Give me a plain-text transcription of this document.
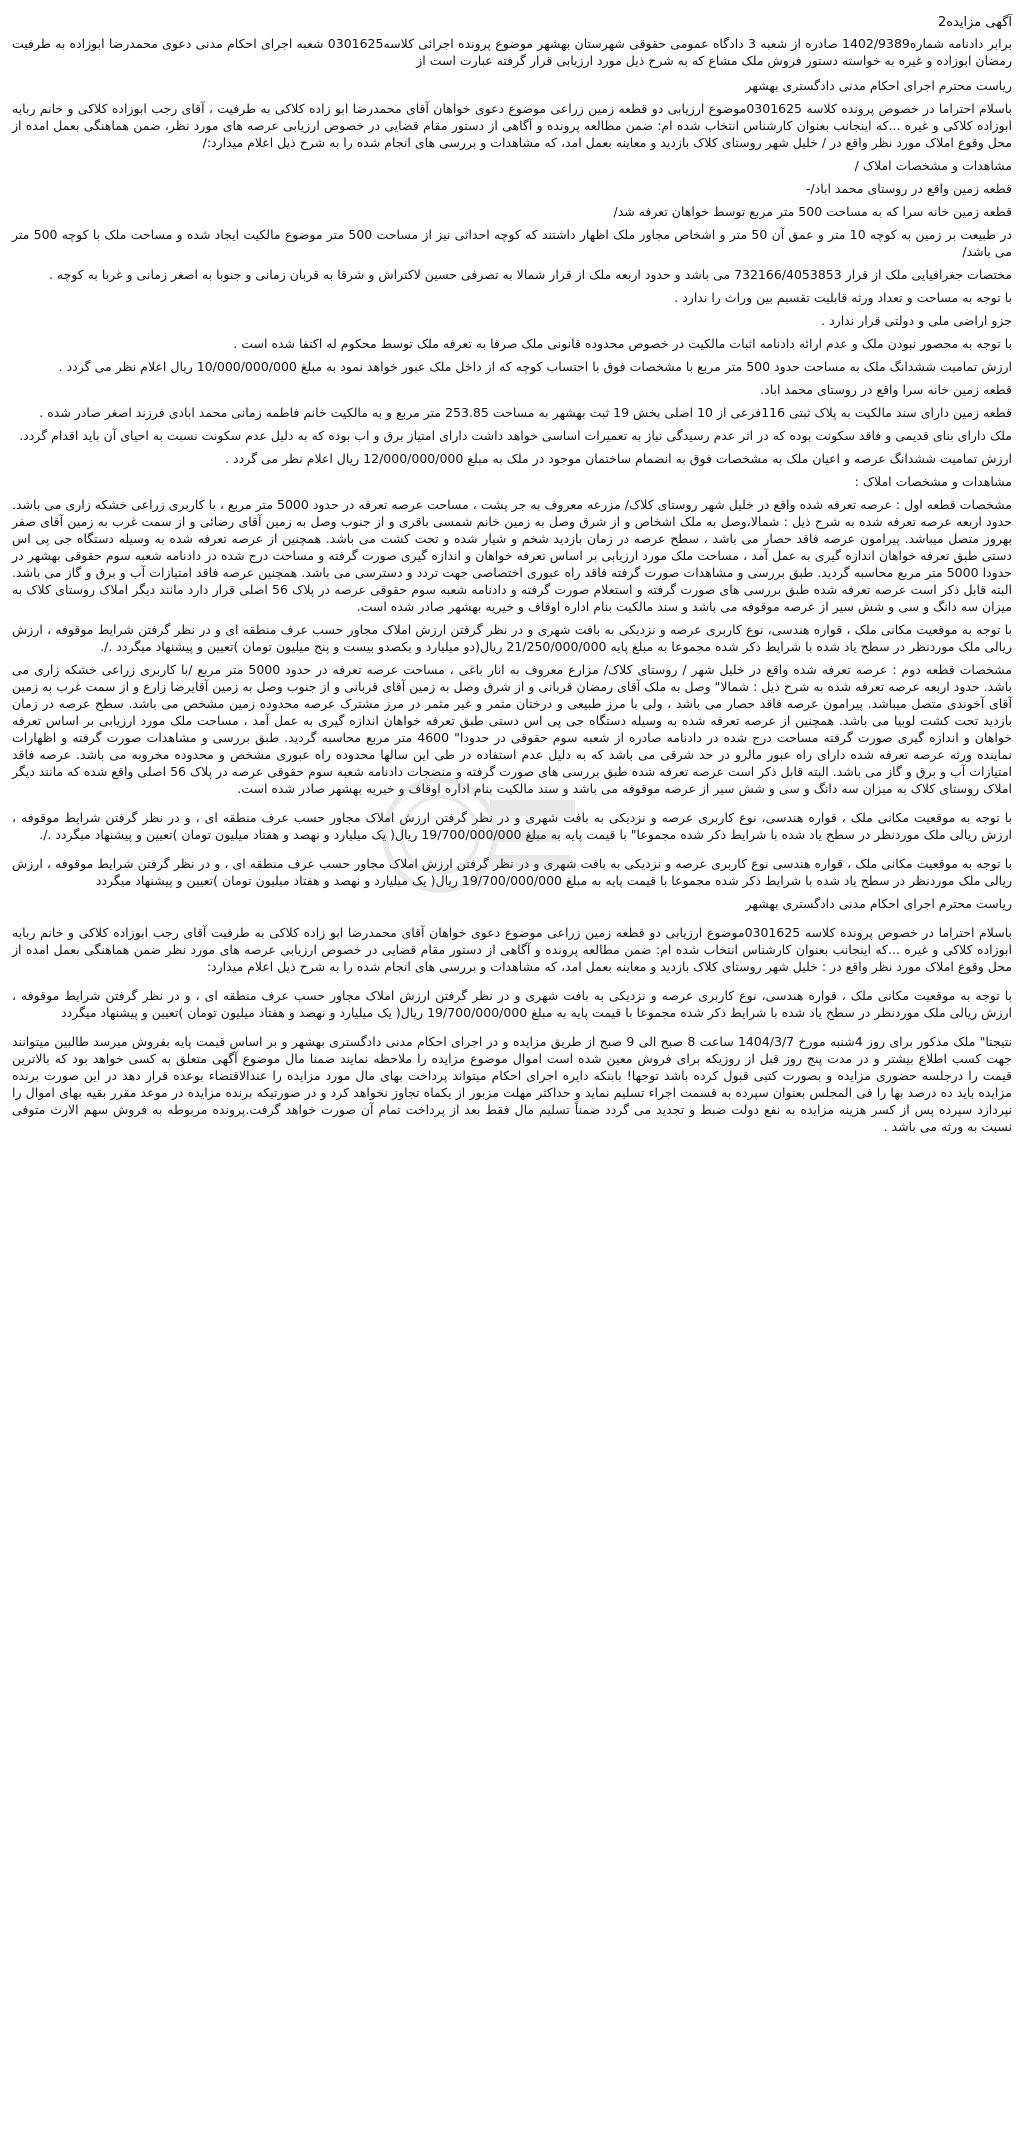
آگهی مزایده2

برابر دادنامه شماره1402/9389 صادره از شعبه 3 دادگاه عمومی حقوقی شهرستان بهشهر موضوع پرونده اجرائی کلاسه0301625 شعبه اجرای احکام مدنی دعوی محمدرضا ابوزاده به طرفیت رمضان ابوزاده و غیره به خواسته دستور فروش ملک مشاع که به شرح ذیل مورد ارزیابی قرار گرفته عبارت است از

ریاست محترم اجرای احکام مدنی دادگستری بهشهر

باسلام احتراما در خصوص پرونده کلاسه 0301625موضوع ارزیابی دو قطعه زمین زراعی موضوع دعوی خواهان آقای محمدرضا ابو زاده کلاکی به طرفیت ، آقای رجب ابوزاده کلاکی و خانم ربابه ابوزاده کلاکی و غیره ...که اینجانب بعنوان کارشناس انتخاب شده ام: ضمن مطالعه پرونده و آگاهی از دستور مقام قضایی در خصوص ارزیابی عرصه های مورد نظر، ضمن هماهنگی بعمل امده از محل وقوع املاک مورد نظر واقع در / خلیل شهر روستای کلاک بازدید و معاینه بعمل امد، که مشاهدات و بررسی های انجام شده را به شرح ذیل اعلام میدارد:/

مشاهدات و مشخصات املاک /

قطعه زمین واقع در روستای محمد اباد/-

قطعه زمین خانه سرا که به مساحت 500 متر مربع توسط خواهان تعرفه شد/

در طبیعت بر زمین به کوچه 10 متر و عمق آن 50 متر و اشخاص مجاور ملک اظهار داشتند که کوچه احداثی نیز از مساحت 500 متر موضوع مالکیت ایجاد شده و مساحت ملک با کوچه 500 متر می باشد/

مختصات جغرافیایی ملک از قرار 732166/4053853 می باشد و حدود اربعه ملک از قرار شمالا به تصرفی حسین لاکتراش و شرقا به قربان زمانی و جنوبا به اصغر زمانی و غربا به کوچه .

با توجه به مساحت و تعداد ورثه قابلیت تقسیم بین وراث را ندارد .

جزو اراضی ملی و دولتی قرار ندارد .

با توجه به محصور نبودن ملک و عدم ارائه دادنامه اثبات مالکیت در خصوص محدوده قانونی ملک صرفا به تعرفه ملک توسط محکوم له اکتفا شده است .

ارزش تمامیت ششدانگ ملک به مساحت حدود 500 متر مربع با مشخصات فوق با احتساب کوچه که از داخل ملک عبور خواهد نمود به مبلغ 10/000/000/000 ریال اعلام نظر می گردد .

قطعه زمین خانه سرا واقع در روستای محمد اباد.

قطعه زمین دارای سند مالکیت به پلاک ثبتی 116فرعی از 10 اصلی بخش 19 ثبت بهشهر به مساحت 253.85 متر مربع و به مالکیت خانم فاطمه زمانی محمد ابادی فرزند اصغر صادر شده .

ملک دارای بنای قدیمی و فاقد سکونت بوده که در اثر عدم رسیدگی نیاز به تعمیرات اساسی خواهد داشت دارای امتیاز برق و اب بوده که به دلیل عدم سکونت نسبت به احیای آن باید اقدام گردد.

ارزش تمامیت ششدانگ عرصه و اعیان ملک به مشخصات فوق به انضمام ساختمان موجود در ملک به مبلغ 12/000/000/000 ریال اعلام نظر می گردد .

مشاهدات و مشخصات املاک :

مشخصات قطعه اول : عرصه تعرفه شده واقع در خلیل شهر روستای کلاک/ مزرعه معروف به جر پشت ، مساحت عرصه تعرفه در حدود 5000 متر مربع ، با کاربری زراعی خشکه زاری می باشد. حدود اربعه عرصه تعرفه شده به شرح ذیل : شمالا،وصل به ملک اشخاص و از شرق وصل به زمین خانم شمسی باقری و از جنوب وصل به زمین آقای رضائی و از سمت غرب به زمین آقای صفر بهروز متصل میباشد. پیرامون عرصه فاقد حصار می باشد ، سطح عرصه در زمان بازدید شخم و شیار شده و تحت کشت می باشد. همچنین از عرصه تعرفه شده به وسیله دستگاه جی پی اس دستی طبق تعرفه خواهان اندازه گیری به عمل آمد ، مساحت ملک مورد ارزیابی بر اساس تعرفه خواهان و اندازه گیری صورت گرفته و مساحت درج شده در دادنامه شعبه سوم حقوقی بهشهر در حدودا 5000 متر مربع محاسبه گردید. طبق بررسی و مشاهدات صورت گرفته فاقد راه عبوری اختصاصی جهت تردد و دسترسی می باشد. همچنین عرصه فاقد امتیازات آب و برق و گاز می باشد. البته قابل ذکر است عرصه تعرفه شده طبق بررسی های صورت گرفته و استعلام صورت گرفته و دادنامه شعبه سوم حقوقی عرصه در پلاک 56 اصلی قرار دارد مانند دیگر املاک روستای کلاک به میزان سه دانگ و سی و شش سیر از عرصه موقوفه می باشد و سند مالکیت بنام اداره اوقاف و خیریه بهشهر صادر شده است.

با توجه به موقعیت مکانی ملک ، قواره هندسی، نوع کاربری عرصه و نزدیکی به بافت شهری و در نظر گرفتن ارزش املاک مجاور حسب عرف منطقه ای و در نظر گرفتن شرایط موقوفه ، ارزش ریالی ملک موردنظر در سطح یاد شده با شرایط ذکر شده مجموعا به مبلغ پایه 21/250/000/000 ریال(دو میلیارد و یکصدو بیست و پنج میلیون تومان )تعیین و پیشنهاد میگردد ./.

مشخصات قطعه دوم : عرصه تعرفه شده واقع در خلیل شهر / روستای کلاک/ مزارع معروف به انار باغی ، مساحت عرصه تعرفه در حدود 5000 متر مربع /با کاربری زراعی خشکه زاری می باشد. حدود اربعه عرصه تعرفه شده به شرح ذیل : شمالا" وصل به ملک آقای رمضان قربانی و از شرق وصل به زمین آقای قربانی و از جنوب وصل به زمین آقایرضا زارع و از سمت غرب به زمین آقای آخوندی متصل میباشد. پیرامون عرصه فاقد حصار می باشد ، ولی با مرز طبیعی و درختان مثمر و غیر مثمر در مرز مشترک عرصه محدوده زمین مشخص می باشد. سطح عرصه در زمان بازدید تحت کشت لوبیا می باشد. همچنین از عرصه تعرفه شده به وسیله دستگاه جی پی اس دستی طبق تعرفه خواهان اندازه گیری به عمل آمد ، مساحت ملک مورد ارزیابی بر اساس تعرفه خواهان و اندازه گیری صورت گرفته مساحت درج شده در دادنامه صادره از شعبه سوم حقوقی در حدودا" 4600 متر مربع محاسبه گردید. طبق بررسی و مشاهدات صورت گرفته و اظهارات نماینده ورثه عرصه تعرفه شده دارای راه عبور مالرو در حد شرقی می باشد که به دلیل عدم استفاده در طی این سالها محدوده راه عبوری مشخص و محدوده مخروبه می باشد. عرصه فاقد امتیازات آب و برق و گاز می باشد. البته قابل ذکر است عرصه تعرفه شده طبق بررسی های صورت گرفته و منضجات دادنامه شعبه سوم حقوقی عرصه در پلاک 56 اصلی واقع شده که مانند دیگر املاک روستای کلاک به میزان سه دانگ و سی و شش سیر از عرصه موقوفه می باشد و سند مالکیت بنام اداره اوقاف و خیریه بهشهر صادر شده است.

با توجه به موقعیت مکانی ملک ، قواره هندسی، نوع کاربری عرصه و نزدیکی به بافت شهری و در نظر گرفتن ارزش املاک مجاور حسب عرف منطقه ای ، و در نظر گرفتن شرایط موقوفه ، ارزش ریالی ملک موردنظر در سطح یاد شده با شرایط ذکر شده مجموعا" با قیمت پایه به مبلغ 19/700/000/000 ریال( یک میلیارد و نهصد و هفتاد میلیون تومان )تعیین و پیشنهاد میگردد ./.

با توجه به موقعیت مکانی ملک ، قواره هندسی نوع کاربری عرصه و نزدیکی به بافت شهری و در نظر گرفتن ارزش املاک مجاور حسب عرف منطقه ای ، و در نظر گرفتن شرایط موقوفه ، ارزش ریالی ملک موردنظر در سطح یاد شده با شرایط ذکر شده مجموعا با قیمت پایه به مبلغ 19/700/000/000 ریال( یک میلیارد و نهصد و هفتاد میلیون تومان )تعیین و پیشنهاد میگردد

ریاست محترم اجرای احکام مدنی دادگستری بهشهر

باسلام احتراما در خصوص پرونده کلاسه 0301625موضوع ارزیابی دو قطعه زمین زراعی موضوع دعوی خواهان آقای محمدرضا ابو زاده کلاکی به طرفیت آقای رجب ابوزاده کلاکی و خانم ربابه ابوزاده کلاکی و غیره ...که اینجانب بعنوان کارشناس انتخاب شده ام: ضمن مطالعه پرونده و آگاهی از دستور مقام قضایی در خصوص ارزیابی عرصه های مورد نظر ضمن هماهنگی بعمل امده از محل وقوع املاک مورد نظر واقع در : خلیل شهر روستای کلاک بازدید و معاینه بعمل امد، که مشاهدات و بررسی های انجام شده را به شرح ذیل اعلام میدارد:

با توجه به موقعیت مکانی ملک ، قواره هندسی، نوع کاربری عرصه و نزدیکی به بافت شهری و در نظر گرفتن ارزش املاک مجاور حسب عرف منطقه ای ، و در نظر گرفتن شرایط موقوفه ، ارزش ریالی ملک موردنظر در سطح یاد شده با شرایط ذکر شده مجموعا با قیمت پایه به مبلغ 19/700/000/000 ریال( یک میلیارد و نهصد و هفتاد میلیون تومان )تعیین و پیشنهاد میگردد

نتیجتا" ملک مذکور برای روز 4شنبه مورخ 1404/3/7 ساعت 8 صبح الی 9 صبح از طریق مزایده و در اجرای احکام مدنی دادگستری بهشهر و بر اساس قیمت پایه بفروش میرسد طالبین میتوانند جهت کسب اطلاع بیشتر و در مدت پنج روز قبل از روزیکه برای فروش معین شده است اموال موضوع مزایده را ملاحظه نمایند ضمنا مال موضوع آگهی متعلق به کسی خواهد بود که بالاترین قیمت را درجلسه حضوری مزایده و بصورت کتبی قبول کرده باشد توجها! بابنکه دایره اجرای احکام میتواند پرداخت بهای مال مورد مزایده را عندالاقتضاء بوعده قرار دهد در این صورت برنده مزایده باید ده درصد بها را فی المجلس بعنوان سپرده به قسمت اجراء تسلیم نماید و حداکثر مهلت مزبور از یکماه تجاوز نخواهد کرد و در صورتیکه برنده مزایده در موعد مقرر بقیه بهای اموال را نپردازد سپرده پس از کسر هزینه مزایده به نفع دولت ضبط و تجدید می گردد ضمناً تسلیم مال فقط بعد از پرداخت تمام آن صورت خواهد گرفت.پرونده مربوطه به فروش سهم الارث متوفی نسبت به ورثه می باشد .
